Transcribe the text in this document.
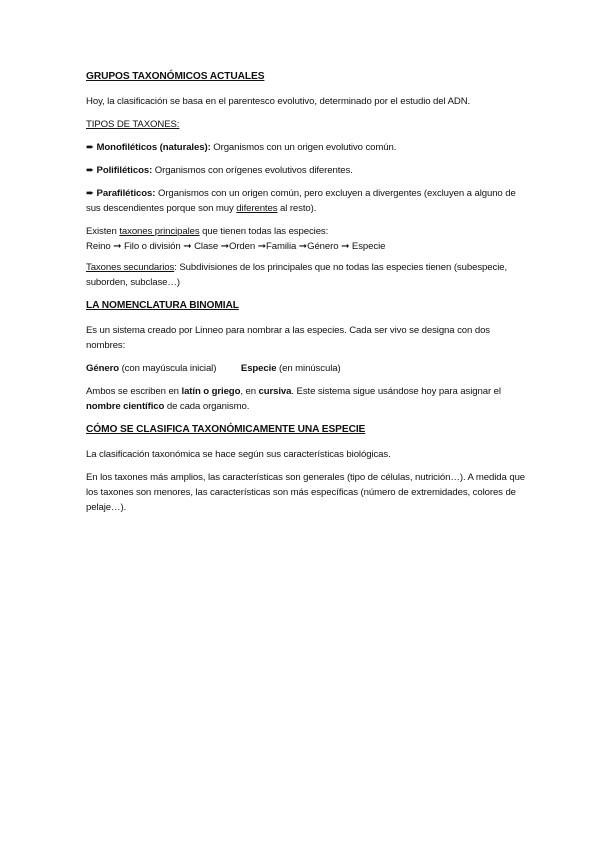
GRUPOS TAXONÓMICOS ACTUALES

Hoy, la clasificación se basa en el parentesco evolutivo, determinado por el estudio del ADN.

TIPOS DE TAXONES:

➨ Monofiléticos (naturales): Organismos con un origen evolutivo común.

➨ Polifiléticos: Organismos con orígenes evolutivos diferentes.

➨ Parafiléticos: Organismos con un origen común, pero excluyen a divergentes (excluyen a alguno de sus descendientes porque son muy diferentes al resto).

Existen taxones principales que tienen todas las especies:
Reino ➞ Filo o división ➞ Clase ➞Orden ➞Familia ➞Género ➞ Especie

Taxones secundarios: Subdivisiones de los principales que no todas las especies tienen (subespecie, suborden, subclase…)

LA NOMENCLATURA BINOMIAL

Es un sistema creado por Linneo para nombrar a las especies. Cada ser vivo se designa con dos nombres:

Género (con mayúscula inicial)	Especie (en minúscula)

Ambos se escriben en latín o griego, en cursiva. Este sistema sigue usándose hoy para asignar el nombre científico de cada organismo.

CÓMO SE CLASIFICA TAXONÓMICAMENTE UNA ESPECIE

La clasificación taxonómica se hace según sus características biológicas.

En los taxones más amplios, las características son generales (tipo de células, nutrición…). A medida que los taxones son menores, las características son más específicas (número de extremidades, colores de pelaje…).
